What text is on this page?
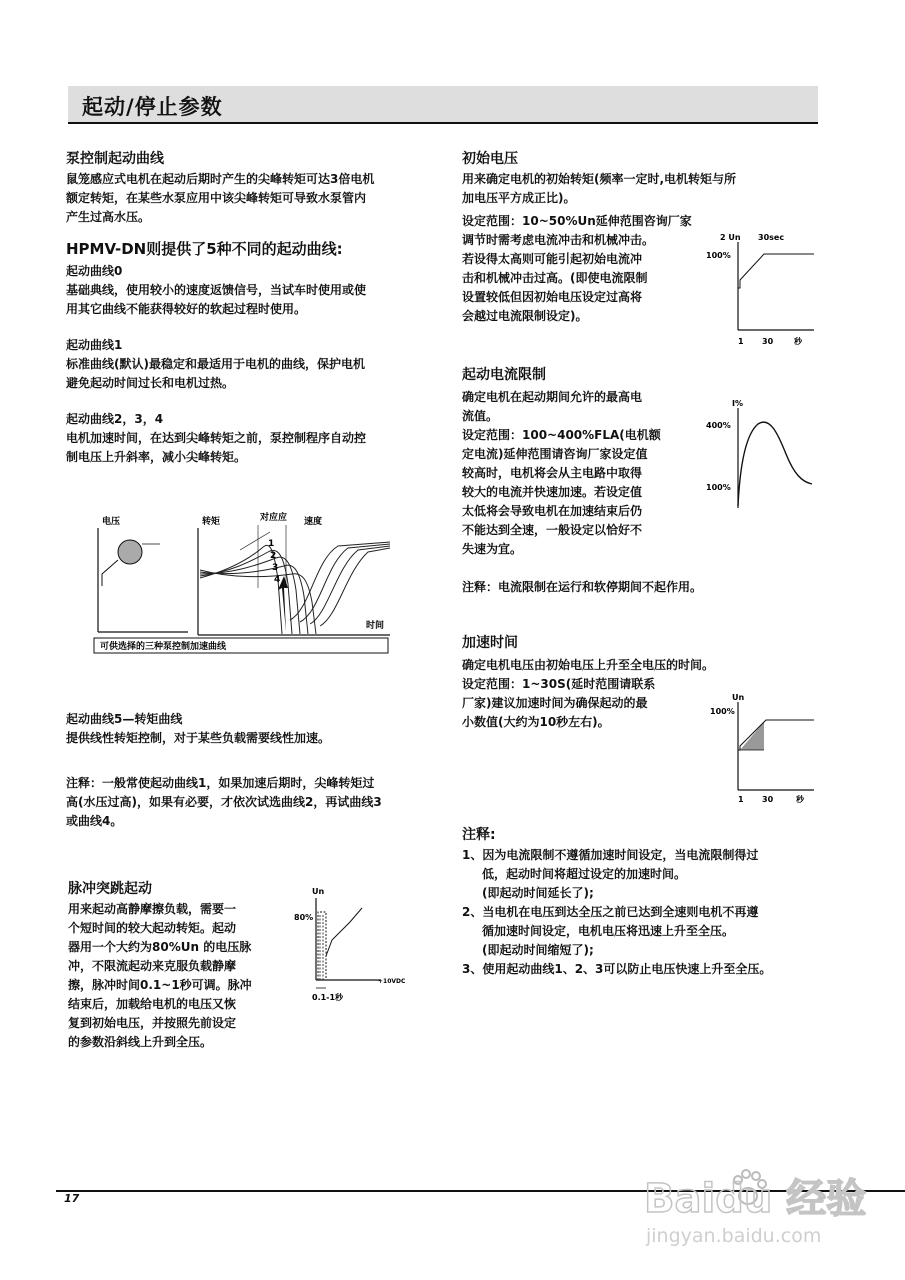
起动/停止参数
泵控制起动曲线
鼠笼感应式电机在起动后期时产生的尖峰转矩可达3倍电机
额定转矩，在某些水泵应用中该尖峰转矩可导致水泵管内
产生过高水压。
HPMV-DN则提供了5种不同的起动曲线:
起动曲线0
基础典线，使用较小的速度返馈信号，当试车时使用或使
用其它曲线不能获得较好的软起过程时使用。
起动曲线1
标准曲线(默认)最稳定和最适用于电机的曲线，保护电机
避免起动时间过长和电机过热。
起动曲线2，3，4
电机加速时间，在达到尖峰转矩之前，泵控制程序自动控
制电压上升斜率，减小尖峰转矩。
电压	转矩	对应应 速度
时间
1
2
3
4
可供选择的三种泵控制加速曲线
起动曲线5—转矩曲线
提供线性转矩控制，对于某些负载需要线性加速。
注释：一般常使起动曲线1，如果加速后期时，尖峰转矩过
高(水压过高)，如果有必要，才依次试选曲线2，再试曲线3
或曲线4。
脉冲突跳起动
用来起动高静摩擦负载，需要一
个短时间的较大起动转矩。起动
器用一个大约为80%Un 的电压脉
冲，不限流起动来克服负载静摩
擦，脉冲时间0.1~1秒可调。脉冲
结束后，加载给电机的电压又恢
复到初始电压，并按照先前设定
的参数沿斜线上升到全压。
Un
80%
0.1-1秒
+10VDC
初始电压
用来确定电机的初始转矩(频率一定时,电机转矩与所
加电压平方成正比)。
设定范围：10~50%Un延伸范围咨询厂家
调节时需考虑电流冲击和机械冲击。
若设得太高则可能引起初始电流冲
击和机械冲击过高。(即使电流限制
设置较低但因初始电压设定过高将
会越过电流限制设定)。
2 Un 30sec
100%
1 30	秒
起动电流限制
确定电机在起动期间允许的最高电
流值。
设定范围：100~400%FLA(电机额
定电流)延伸范围请咨询厂家设定值
较高时，电机将会从主电路中取得
较大的电流并快速加速。若设定值
太低将会导致电机在加速结束后仍
不能达到全速，一般设定以恰好不
失速为宜。
I%
400%
100%
注释：电流限制在运行和软停期间不起作用。
加速时间
确定电机电压由初始电压上升至全电压的时间。
设定范围：1~30S(延时范围请联系
厂家)建议加速时间为确保起动的最
小数值(大约为10秒左右)。
Un
100%
1 30	秒
注释:
1、因为电流限制不遵循加速时间设定，当电流限制得过
低，起动时间将超过设定的加速时间。
(即起动时间延长了);
2、当电机在电压到达全压之前已达到全速则电机不再遵
循加速时间设定，电机电压将迅速上升至全压。
(即起动时间缩短了);
3、使用起动曲线1、2、3可以防止电压快速上升至全压。
17	Baidu 经验
jingyan.baidu.com
